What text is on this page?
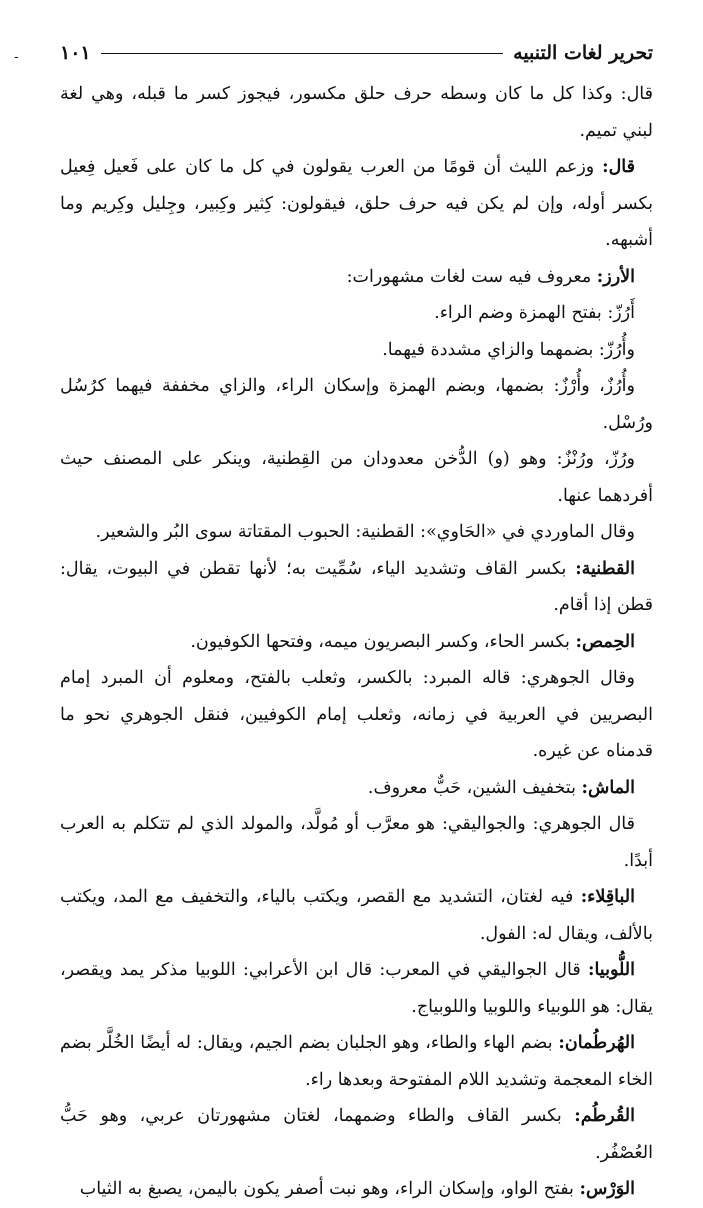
-	تحرير لغات التنبيه
١٠١

قال: وكذا كل ما كان وسطه حرف حلق مكسور، فيجوز كسر ما قبله، وهي لغة لبني تميم.

قال: وزعم الليث أن قومًا من العرب يقولون في كل ما كان على فَعيل فِعيل بكسر أوله، وإن لم يكن فيه حرف حلق، فيقولون: كِثير وكِبير، وجِليل وكِريم وما أشبهه.

الأرز: معروف فيه ست لغات مشهورات:

أَرُزّ: بفتح الهمزة وضم الراء.

وأُرُزّ: بضمهما والزاي مشددة فيهما.

وأُرُزٌ، وأُرْزٌ: بضمها، وبضم الهمزة وإسكان الراء، والزاي مخففة فيهما كرُسُل ورُسْل.

ورُزّ، ورُنْزٌ: وهو (و) الدُّخن معدودان من القِطنية، وينكر على المصنف حيث أفردهما عنها.

وقال الماوردي في «الحَاوي»: القطنية: الحبوب المقتاتة سوى البُر والشعير.

القطنية: بكسر القاف وتشديد الياء، سُمِّيت به؛ لأنها تقطن في البيوت، يقال: قطن إذا أقام.

الحِمص: بكسر الحاء، وكسر البصريون ميمه، وفتحها الكوفيون.

وقال الجوهري: قاله المبرد: بالكسر، وثعلب بالفتح، ومعلوم أن المبرد إمام البصريين في العربية في زمانه، وثعلب إمام الكوفيين، فنقل الجوهري نحو ما قدمناه عن غيره.

الماش: بتخفيف الشين، حَبٌّ معروف.

قال الجوهري: والجواليقي: هو معرَّب أو مُولَّد، والمولد الذي لم تتكلم به العرب أبدًا.

الباقِلاء: فيه لغتان، التشديد مع القصر، ويكتب بالياء، والتخفيف مع المد، ويكتب بالألف، ويقال له: الفول.

اللُّوبيا: قال الجواليقي في المعرب: قال ابن الأعرابي: اللوبيا مذكر يمد ويقصر، يقال: هو اللوبياء واللوبيا واللوبياج.

الهُرطُمان: بضم الهاء والطاء، وهو الجلبان بضم الجيم، ويقال: له أيضًا الخُلَّر بضم الخاء المعجمة وتشديد اللام المفتوحة وبعدها راء.

القُرطُم: بكسر القاف والطاء وضمهما، لغتان مشهورتان عربي، وهو حَبُّ العُصْفُر.

الوَرْس: بفتح الواو، وإسكان الراء، وهو نبت أصفر يكون باليمن، يصبغ به الثياب
